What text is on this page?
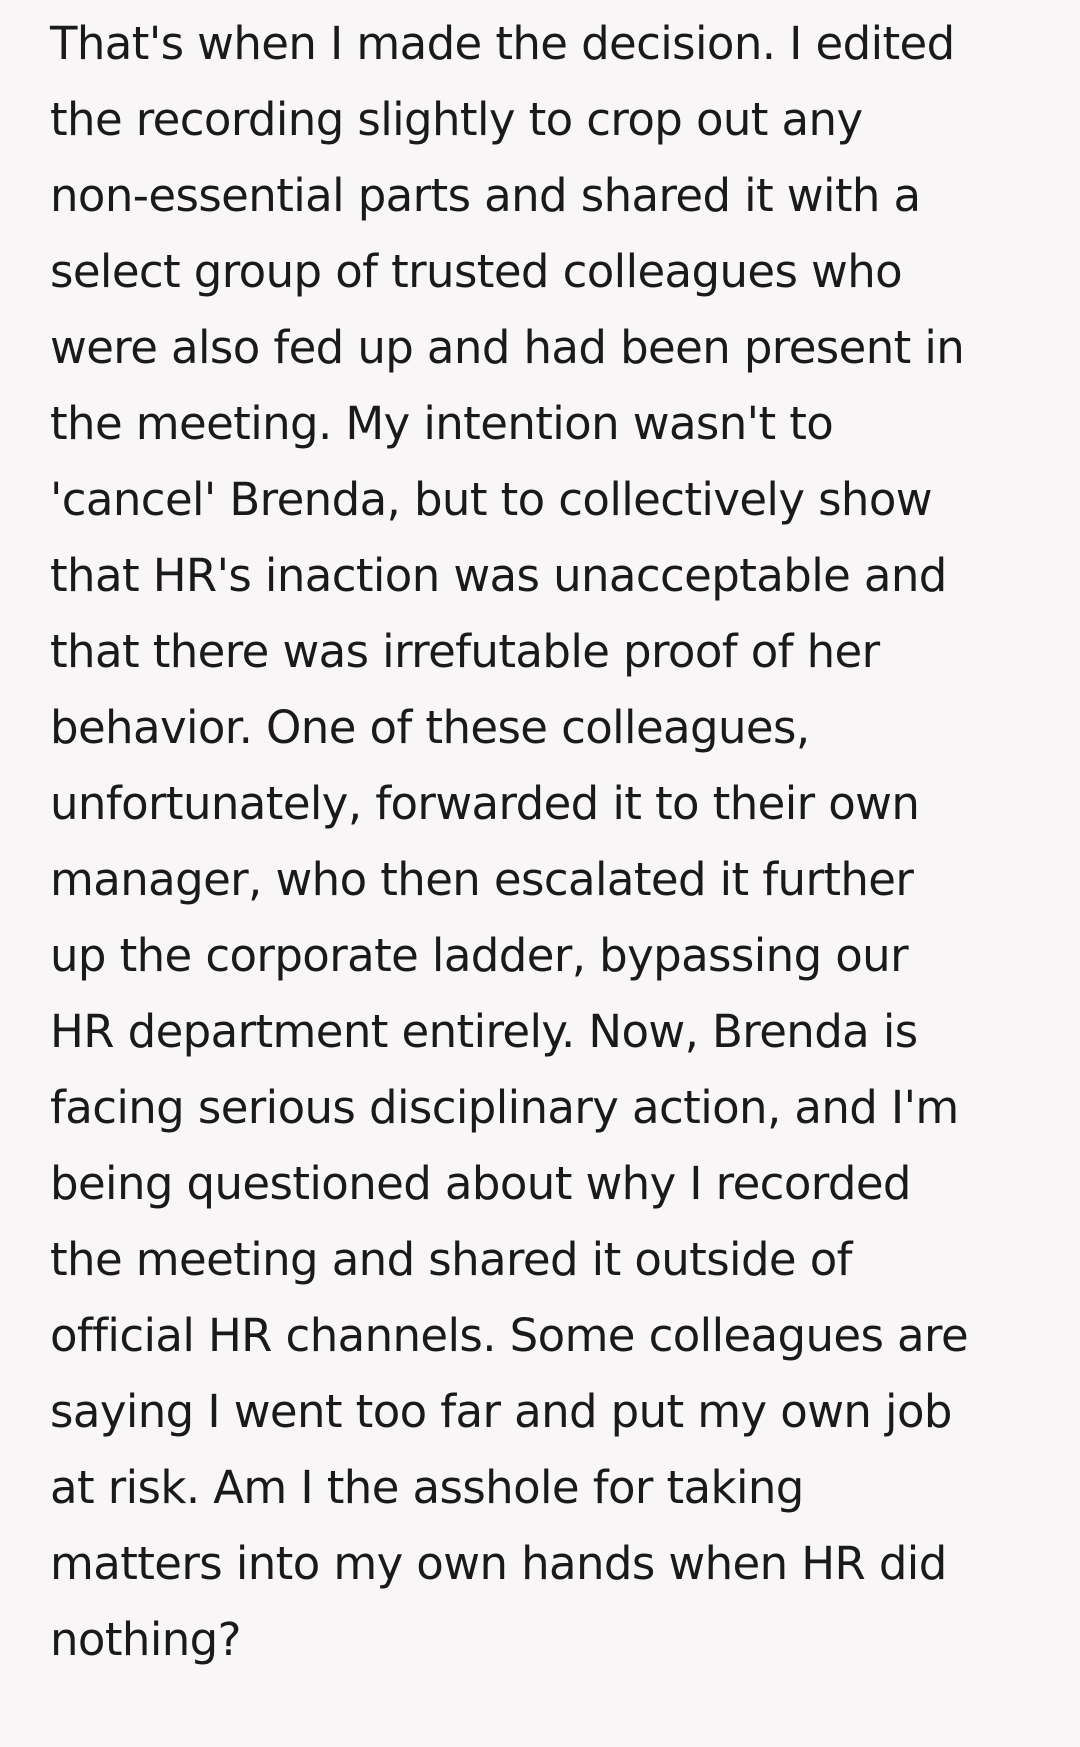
That's when I made the decision. I edited
the recording slightly to crop out any
non-essential parts and shared it with a
select group of trusted colleagues who
were also fed up and had been present in
the meeting. My intention wasn't to
'cancel' Brenda, but to collectively show
that HR's inaction was unacceptable and
that there was irrefutable proof of her
behavior. One of these colleagues,
unfortunately, forwarded it to their own
manager, who then escalated it further
up the corporate ladder, bypassing our
HR department entirely. Now, Brenda is
facing serious disciplinary action, and I'm
being questioned about why I recorded
the meeting and shared it outside of
official HR channels. Some colleagues are
saying I went too far and put my own job
at risk. Am I the asshole for taking
matters into my own hands when HR did
nothing?
